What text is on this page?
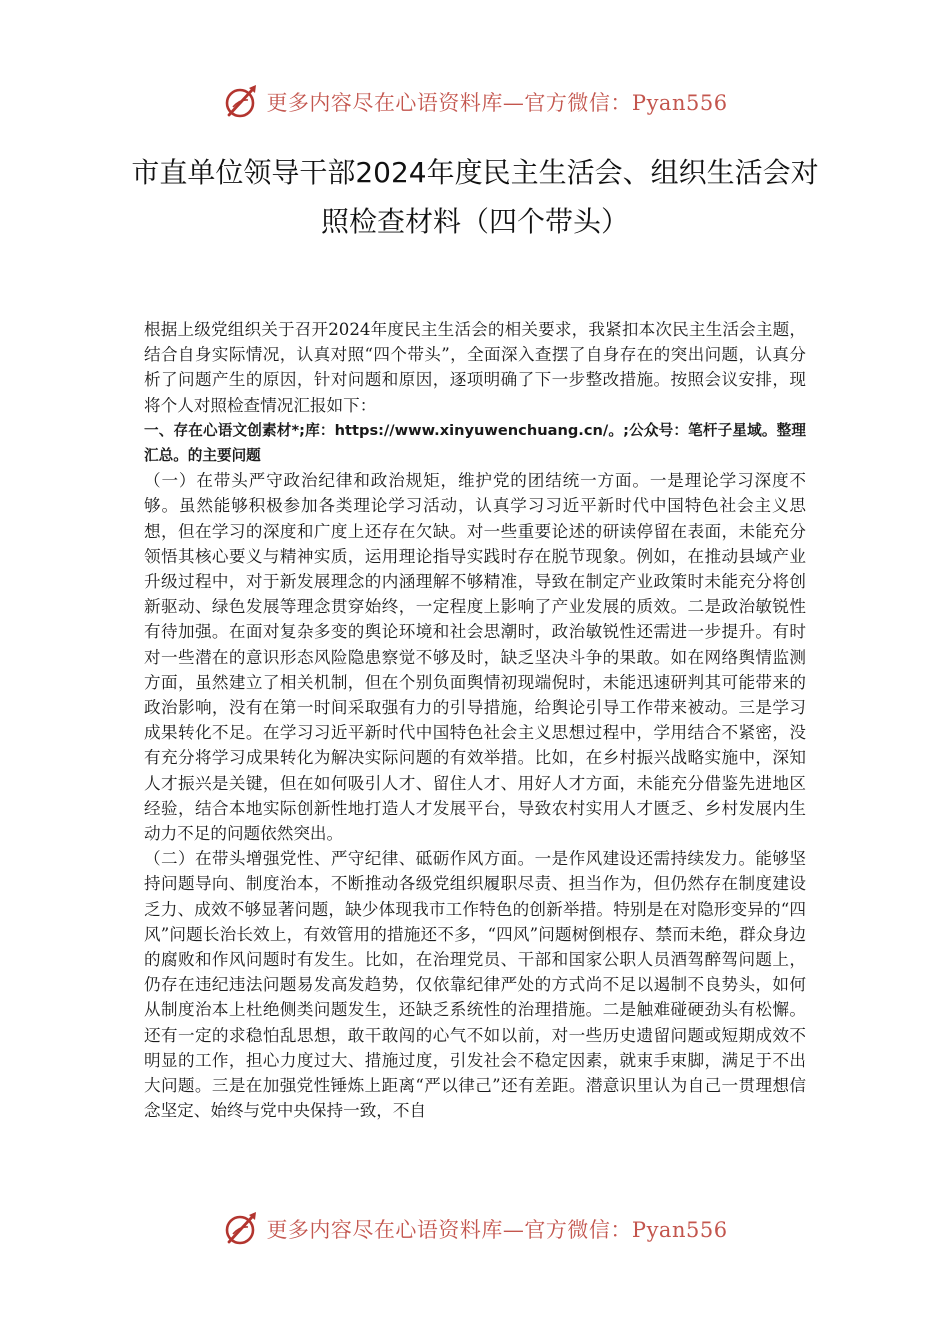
更多内容尽在心语资料库—官方微信：Pyan556
市直单位领导干部2024年度民主生活会、组织生活会对照检查材料（四个带头）

根据上级党组织关于召开2024年度民主生活会的相关要求，我紧扣本次民主生活会主题，结合自身实际情况，认真对照“四个带头”，全面深入查摆了自身存在的突出问题，认真分析了问题产生的原因，针对问题和原因，逐项明确了下一步整改措施。按照会议安排，现将个人对照检查情况汇报如下：

一、存在心语文创素材*;库：https://www.xinyuwenchuang.cn/。;公众号：笔杆子星域。整理汇总。的主要问题

（一）在带头严守政治纪律和政治规矩，维护党的团结统一方面。一是理论学习深度不够。虽然能够积极参加各类理论学习活动，认真学习习近平新时代中国特色社会主义思想，但在学习的深度和广度上还存在欠缺。对一些重要论述的研读停留在表面，未能充分领悟其核心要义与精神实质，运用理论指导实践时存在脱节现象。例如，在推动县域产业升级过程中，对于新发展理念的内涵理解不够精准，导致在制定产业政策时未能充分将创新驱动、绿色发展等理念贯穿始终，一定程度上影响了产业发展的质效。二是政治敏锐性有待加强。在面对复杂多变的舆论环境和社会思潮时，政治敏锐性还需进一步提升。有时对一些潜在的意识形态风险隐患察觉不够及时，缺乏坚决斗争的果敢。如在网络舆情监测方面，虽然建立了相关机制，但在个别负面舆情初现端倪时，未能迅速研判其可能带来的政治影响，没有在第一时间采取强有力的引导措施，给舆论引导工作带来被动。三是学习成果转化不足。在学习习近平新时代中国特色社会主义思想过程中，学用结合不紧密，没有充分将学习成果转化为解决实际问题的有效举措。比如，在乡村振兴战略实施中，深知人才振兴是关键，但在如何吸引人才、留住人才、用好人才方面，未能充分借鉴先进地区经验，结合本地实际创新性地打造人才发展平台，导致农村实用人才匮乏、乡村发展内生动力不足的问题依然突出。

（二）在带头增强党性、严守纪律、砥砺作风方面。一是作风建设还需持续发力。能够坚持问题导向、制度治本，不断推动各级党组织履职尽责、担当作为，但仍然存在制度建设乏力、成效不够显著问题，缺少体现我市工作特色的创新举措。特别是在对隐形变异的“四风”问题长治长效上，有效管用的措施还不多，“四风”问题树倒根存、禁而未绝，群众身边的腐败和作风问题时有发生。比如，在治理党员、干部和国家公职人员酒驾醉驾问题上，仍存在违纪违法问题易发高发趋势，仅依靠纪律严处的方式尚不足以遏制不良势头，如何从制度治本上杜绝侧类问题发生，还缺乏系统性的治理措施。二是触难碰硬劲头有松懈。还有一定的求稳怕乱思想，敢干敢闯的心气不如以前，对一些历史遗留问题或短期成效不明显的工作，担心力度过大、措施过度，引发社会不稳定因素，就束手束脚，满足于不出大问题。三是在加强党性锤炼上距离“严以律己”还有差距。潜意识里认为自己一贯理想信念坚定、始终与党中央保持一致，不自

更多内容尽在心语资料库—官方微信：Pyan556
